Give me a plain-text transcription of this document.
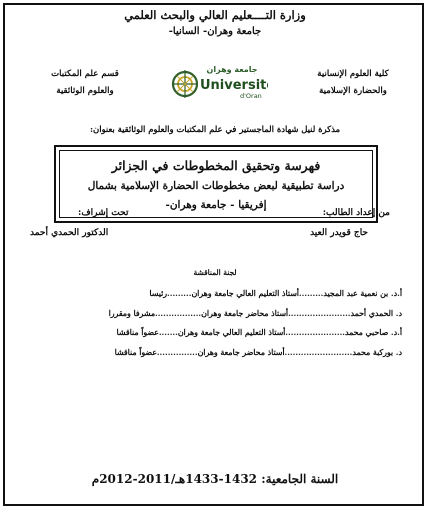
وزارة التــــعليم العالي والبحث العلمي
جامعة وهران- السانيا-
كلية العلوم الإنسانية
والحضارة الإسلامية
قسم علم المكتبات
والعلوم الوثائقية
جامعة وهران
Université
d'Oran
مذكرة لنيل شهادة الماجستير في علم المكتبات والعلوم الوثائقية بعنوان:
فهرسة وتحقيق المخطوطات في الجزائر
دراسة تطبيقية لبعض مخطوطات الحضارة الإسلامية بشمال
إفريقيا - جامعة وهران-
من إعداد الطالب:
حاج قويدر العيد
تحت إشراف:
الدكتور الحمدي أحمد
لجنة المناقشة
أ.د. بن نعمية عبد المجيد.........أستاذ التعليم العالي جامعة وهران.........رئيسا
د. الحمدي أحمد.......................أستاذ محاضر جامعة وهران.................مشرفا ومقررا
أ.د. صاحبي محمد......................أستاذ التعليم العالي جامعة وهران.......عضواً مناقشا
د. بوركبة محمد.........................أستاذ محاضر جامعة وهران...............عضواً مناقشا
السنة الجامعية: 1432-1433هـ/2011-2012م
